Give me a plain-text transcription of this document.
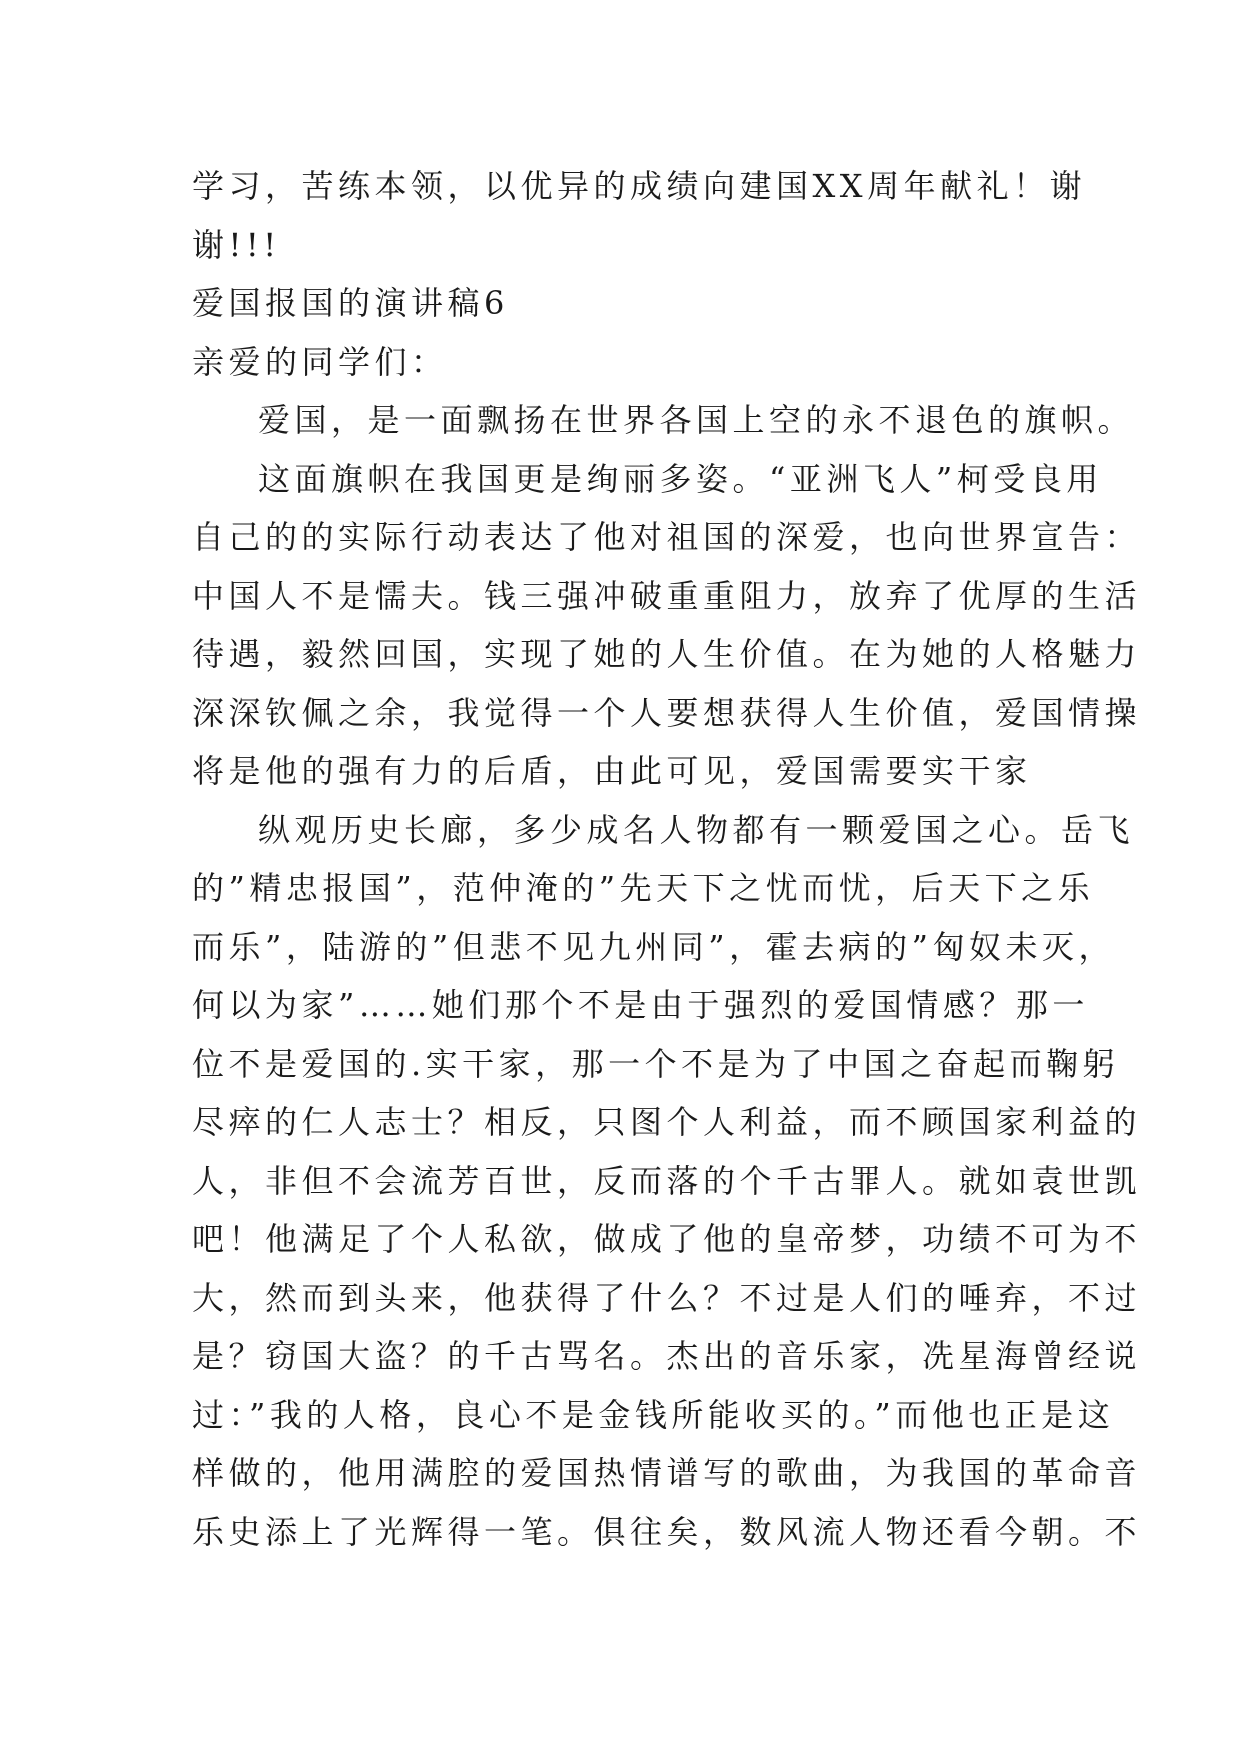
学习，苦练本领，以优异的成绩向建国XX周年献礼！谢
谢!!!
爱国报国的演讲稿6
亲爱的同学们：
爱国，是一面飘扬在世界各国上空的永不退色的旗帜。
这面旗帜在我国更是绚丽多姿。“亚洲飞人”柯受良用
自己的的实际行动表达了他对祖国的深爱，也向世界宣告：
中国人不是懦夫。钱三强冲破重重阻力，放弃了优厚的生活
待遇，毅然回国，实现了她的人生价值。在为她的人格魅力
深深钦佩之余，我觉得一个人要想获得人生价值，爱国情操
将是他的强有力的后盾，由此可见，爱国需要实干家
纵观历史长廊，多少成名人物都有一颗爱国之心。岳飞
的”精忠报国”，范仲淹的”先天下之忧而忧，后天下之乐
而乐”，陆游的”但悲不见九州同”，霍去病的”匈奴未灭，
何以为家”……她们那个不是由于强烈的爱国情感？那一
位不是爱国的.实干家，那一个不是为了中国之奋起而鞠躬
尽瘁的仁人志士？相反，只图个人利益，而不顾国家利益的
人，非但不会流芳百世，反而落的个千古罪人。就如袁世凯
吧！他满足了个人私欲，做成了他的皇帝梦，功绩不可为不
大，然而到头来，他获得了什么？不过是人们的唾弃，不过
是？窃国大盗？的千古骂名。杰出的音乐家，冼星海曾经说
过：”我的人格，良心不是金钱所能收买的。”而他也正是这
样做的，他用满腔的爱国热情谱写的歌曲，为我国的革命音
乐史添上了光辉得一笔。俱往矣，数风流人物还看今朝。不
